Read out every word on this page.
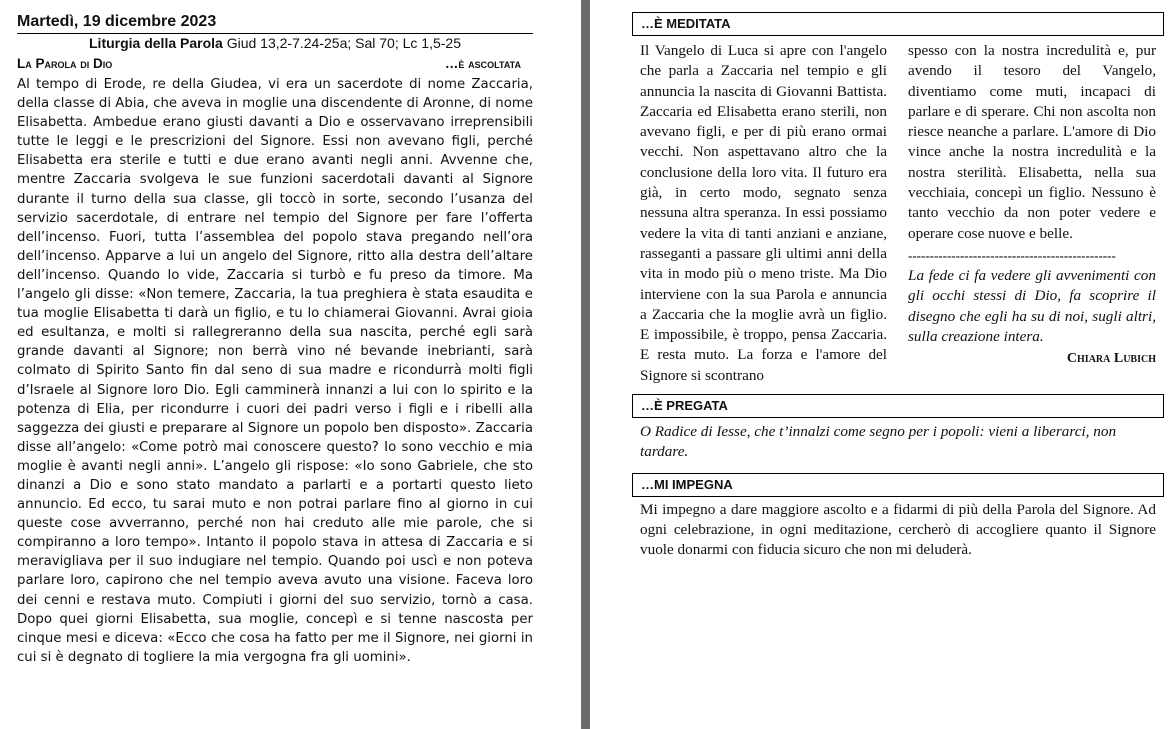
Martedì, 19 dicembre 2023
Liturgia della Parola Giud 13,2-7.24-25a; Sal 70; Lc 1,5-25
La Parola di Dio	…è ascoltata
Al tempo di Erode, re della Giudea, vi era un sacerdote di nome Zaccaria, della classe di Abia, che aveva in moglie una discendente di Aronne, di nome Elisabetta. Ambedue erano giusti davanti a Dio e osservavano irreprensibili tutte le leggi e le prescrizioni del Signore. Essi non avevano figli, perché Elisabetta era sterile e tutti e due erano avanti negli anni. Avvenne che, mentre Zaccaria svolgeva le sue funzioni sacerdotali davanti al Signore durante il turno della sua classe, gli toccò in sorte, secondo l’usanza del servizio sacerdotale, di entrare nel tempio del Signore per fare l’offerta dell’incenso. Fuori, tutta l’assemblea del popolo stava pregando nell’ora dell’incenso. Apparve a lui un angelo del Signore, ritto alla destra dell’altare dell’incenso. Quando lo vide, Zaccaria si turbò e fu preso da timore. Ma l’angelo gli disse: «Non temere, Zaccaria, la tua preghiera è stata esaudita e tua moglie Elisabetta ti darà un figlio, e tu lo chiamerai Giovanni. Avrai gioia ed esultanza, e molti si rallegreranno della sua nascita, perché egli sarà grande davanti al Signore; non berrà vino né bevande inebrianti, sarà colmato di Spirito Santo fin dal seno di sua madre e ricondurrà molti figli d’Israele al Signore loro Dio. Egli camminerà innanzi a lui con lo spirito e la potenza di Elia, per ricondurre i cuori dei padri verso i figli e i ribelli alla saggezza dei giusti e preparare al Signore un popolo ben disposto». Zaccaria disse all’angelo: «Come potrò mai conoscere questo? Io sono vecchio e mia moglie è avanti negli anni». L’angelo gli rispose: «Io sono Gabriele, che sto dinanzi a Dio e sono stato mandato a parlarti e a portarti questo lieto annuncio. Ed ecco, tu sarai muto e non potrai parlare fino al giorno in cui queste cose avverranno, perché non hai creduto alle mie parole, che si compiranno a loro tempo». Intanto il popolo stava in attesa di Zaccaria e si meravigliava per il suo indugiare nel tempio. Quando poi uscì e non poteva parlare loro, capirono che nel tempio aveva avuto una visione. Faceva loro dei cenni e restava muto. Compiuti i giorni del suo servizio, tornò a casa. Dopo quei giorni Elisabetta, sua moglie, concepì e si tenne nascosta per cinque mesi e diceva: «Ecco che cosa ha fatto per me il Signore, nei giorni in cui si è degnato di togliere la mia vergogna fra gli uomini».
…È MEDITATA
Il Vangelo di Luca si apre con l'angelo che parla a Zaccaria nel tempio e gli annuncia la nascita di Giovanni Battista. Zaccaria ed Elisabetta erano sterili, non avevano figli, e per di più erano ormai vecchi. Non aspettavano altro che la conclusione della loro vita. Il futuro era già, in certo modo, segnato senza nessuna altra speranza. In essi possiamo vedere la vita di tanti anziani e anziane, rasseganti a passare gli ultimi anni della vita in modo più o meno triste. Ma Dio interviene con la sua Parola e annuncia a Zaccaria che la moglie avrà un figlio. E impossibile, è troppo, pensa Zaccaria. E resta muto. La forza e l'amore del Signore si scontrano
spesso con la nostra incredulità e, pur avendo il tesoro del Vangelo, diventiamo come muti, incapaci di parlare e di sperare. Chi non ascolta non riesce neanche a parlare. L'amore di Dio vince anche la nostra incredulità e la nostra sterilità. Elisabetta, nella sua vecchiaia, concepì un figlio. Nessuno è tanto vecchio da non poter vedere e operare cose nuove e belle.
------------------------------------------------
La fede ci fa vedere gli avvenimenti con gli occhi stessi di Dio, fa scoprire il disegno che egli ha su di noi, sugli altri, sulla creazione intera.
Chiara Lubich
…È PREGATA
O Radice di Iesse, che t’innalzi come segno per i popoli: vieni a liberarci, non tardare.
…MI IMPEGNA
Mi impegno a dare maggiore ascolto e a fidarmi di più della Parola del Signore. Ad ogni celebrazione, in ogni meditazione, cercherò di accogliere quanto il Signore vuole donarmi con fiducia sicuro che non mi deluderà.
